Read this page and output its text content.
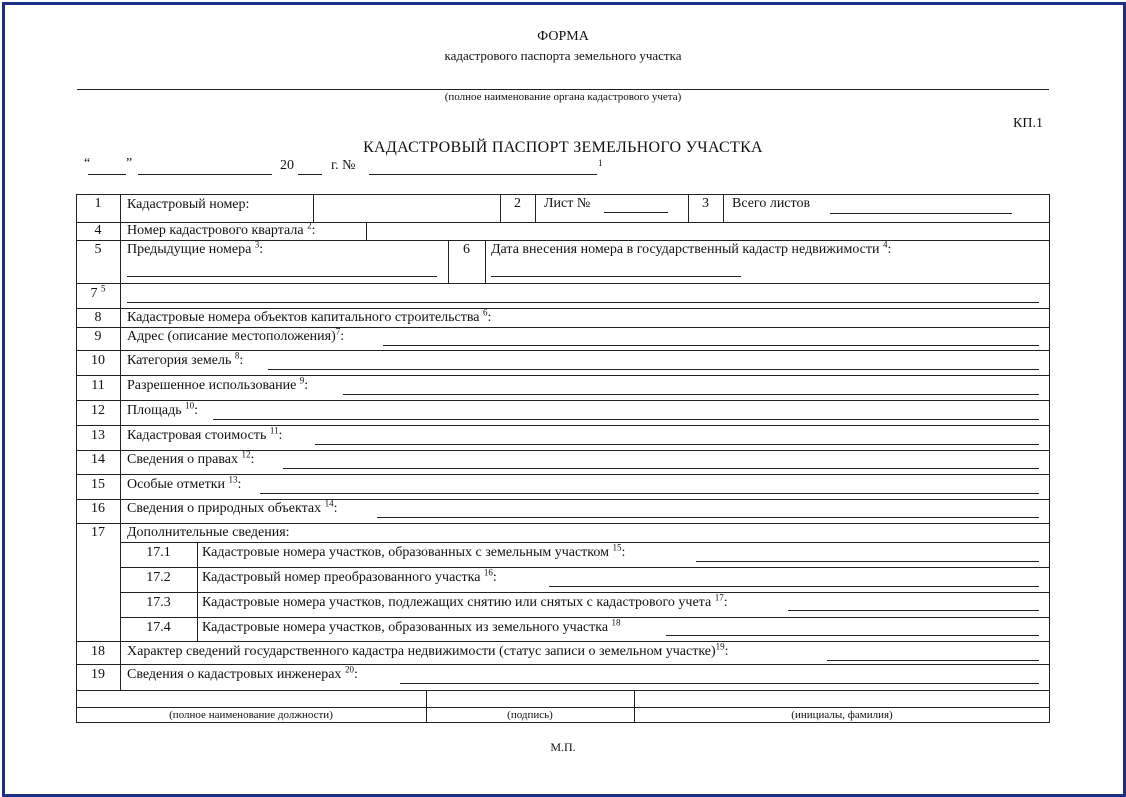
ФОРМА
кадастрового паспорта земельного участка
(полное наименование органа кадастрового учета)
КП.1
КАДАСТРОВЫЙ ПАСПОРТ ЗЕМЕЛЬНОГО УЧАСТКА
“	”	20	г. №	1
1	Кадастровый номер:	2	Лист №	3	Всего листов
4	Номер кадастрового квартала $^2$:
5	Предыдущие номера $^3$:	6	Дата внесения номера в государственный кадастр недвижимости $^4$:
7 $^5$
8	Кадастровые номера объектов капитального строительства $^6$:
9	Адрес (описание местоположения)$^7$:
10	Категория земель $^8$:
11	Разрешенное использование $^9$:
12	Площадь $^{10}$:
13	Кадастровая стоимость $^{11}$:
14	Сведения о правах $^{12}$:
15	Особые отметки $^{13}$:
16	Сведения о природных объектах $^{14}$:
17	Дополнительные сведения:
17.1	Кадастровые номера участков, образованных с земельным участком $^{15}$:
17.2	Кадастровый номер преобразованного участка $^{16}$:
17.3	Кадастровые номера участков, подлежащих снятию или снятых с кадастрового учета $^{17}$:
17.4	Кадастровые номера участков, образованных из земельного участка $^{18}$
18	Характер сведений государственного кадастра недвижимости (статус записи о земельном участке)$^{19}$:
19	Сведения о кадастровых инженерах $^{20}$:
(полное наименование должности)	(подпись)	(инициалы, фамилия)
М.П.
